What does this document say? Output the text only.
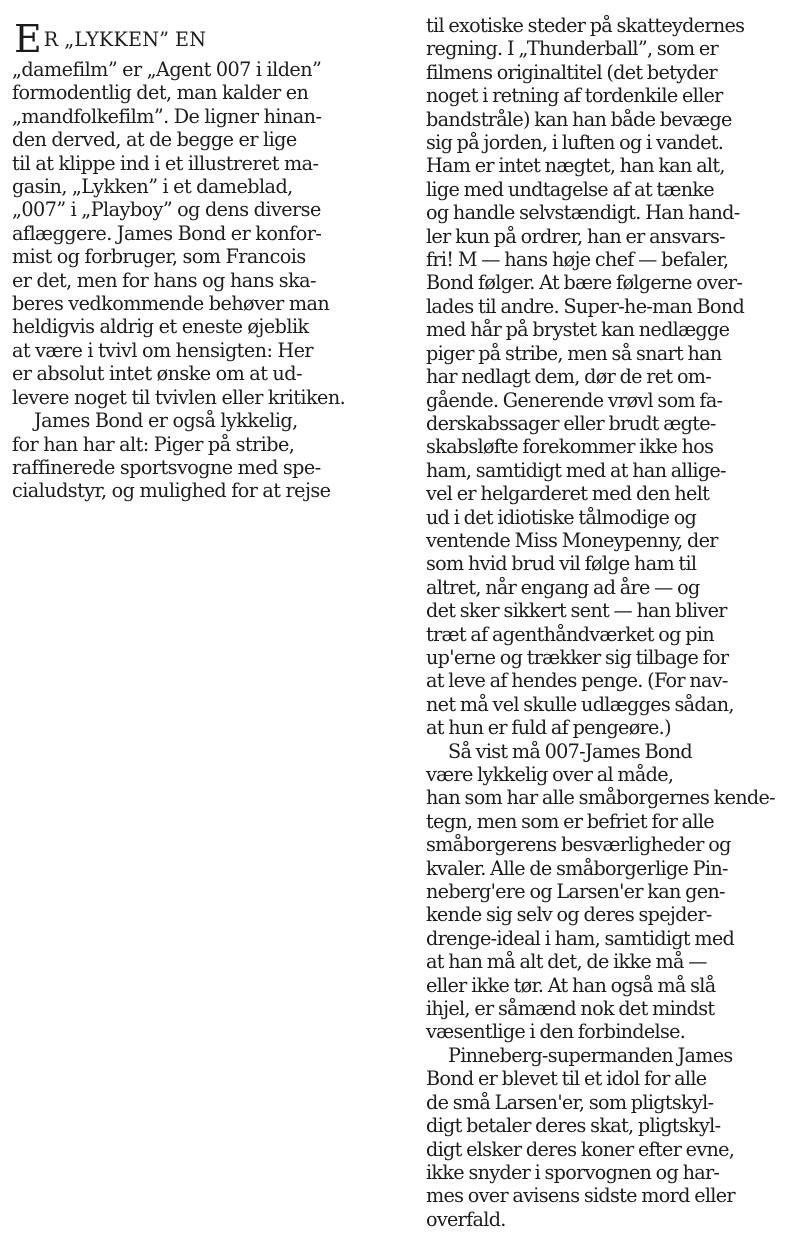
E R „LYKKEN” EN
„damefilm” er „Agent 007 i ilden”
formodentlig det, man kalder en
„mandfolkefilm”. De ligner hinan-
den derved, at de begge er lige
til at klippe ind i et illustreret ma-
gasin, „Lykken” i et dameblad,
„007” i „Playboy” og dens diverse
aflæggere. James Bond er konfor-
mist og forbruger, som Francois
er det, men for hans og hans ska-
beres vedkommende behøver man
heldigvis aldrig et eneste øjeblik
at være i tvivl om hensigten: Her
er absolut intet ønske om at ud-
levere noget til tvivlen eller kritiken.
James Bond er også lykkelig,
for han har alt: Piger på stribe,
raffinerede sportsvogne med spe-
cialudstyr, og mulighed for at rejse
til exotiske steder på skatteydernes
regning. I „Thunderball”, som er
filmens originaltitel (det betyder
noget i retning af tordenkile eller
bandstråle) kan han både bevæge
sig på jorden, i luften og i vandet.
Ham er intet nægtet, han kan alt,
lige med undtagelse af at tænke
og handle selvstændigt. Han hand-
ler kun på ordrer, han er ansvars-
fri! M — hans høje chef — befaler,
Bond følger. At bære følgerne over-
lades til andre. Super-he-man Bond
med hår på brystet kan nedlægge
piger på stribe, men så snart han
har nedlagt dem, dør de ret om-
gående. Generende vrøvl som fa-
derskabssager eller brudt ægte-
skabsløfte forekommer ikke hos
ham, samtidigt med at han allige-
vel er helgarderet med den helt
ud i det idiotiske tålmodige og
ventende Miss Moneypenny, der
som hvid brud vil følge ham til
altret, når engang ad åre — og
det sker sikkert sent — han bliver
træt af agenthåndværket og pin
up'erne og trækker sig tilbage for
at leve af hendes penge. (For nav-
net må vel skulle udlægges sådan,
at hun er fuld af pengeøre.)
Så vist må 007-James Bond
være lykkelig over al måde,
han som har alle småborgernes kende-
tegn, men som er befriet for alle
småborgerens besværligheder og
kvaler. Alle de småborgerlige Pin-
neberg'ere og Larsen'er kan gen-
kende sig selv og deres spejder-
drenge-ideal i ham, samtidigt med
at han må alt det, de ikke må —
eller ikke tør. At han også må slå
ihjel, er såmænd nok det mindst
væsentlige i den forbindelse.
Pinneberg-supermanden James
Bond er blevet til et idol for alle
de små Larsen'er, som pligtskyl-
digt betaler deres skat, pligtskyl-
digt elsker deres koner efter evne,
ikke snyder i sporvognen og har-
mes over avisens sidste mord eller
overfald.
